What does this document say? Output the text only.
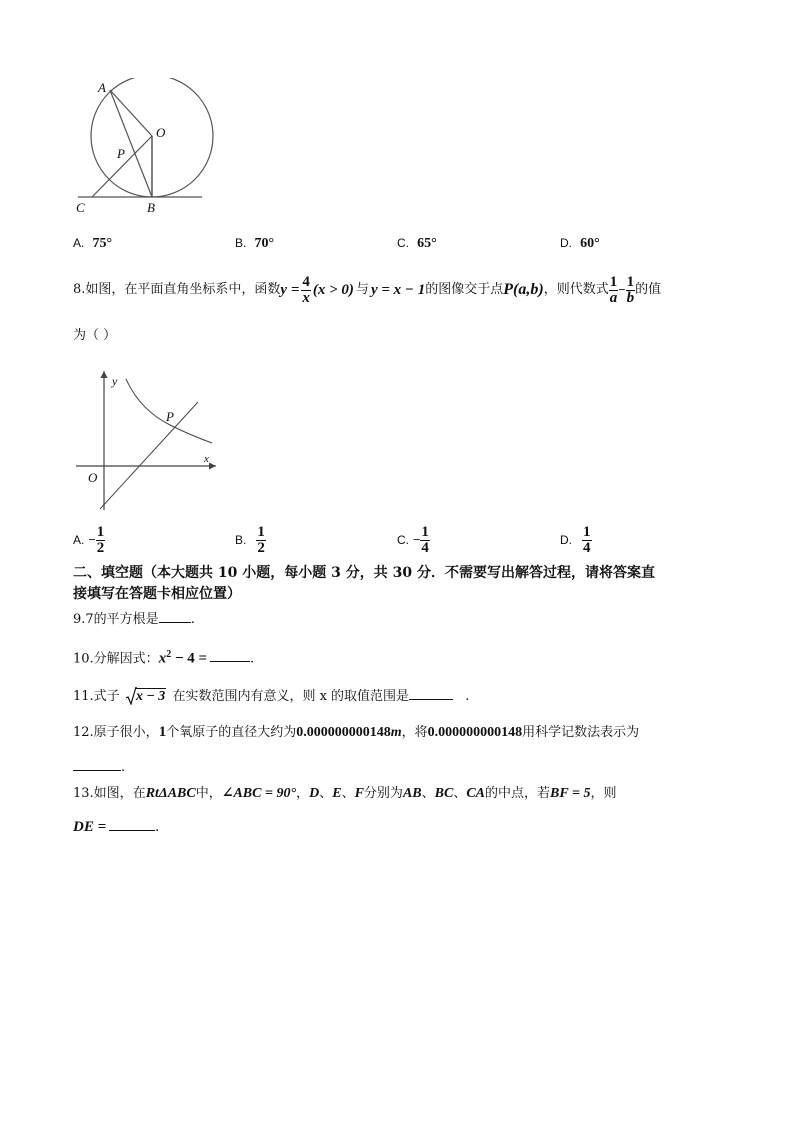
A
O
P
C	B
A. 75°	B. 70°	C. 65°	D. 60°
8.如图，在平面直角坐标系中，函数 $y = \frac{4}{x} (x > 0)$ 与 y = x − 1 的图像交于点 P(a,b) ，则代数式 $\frac{1}{a} - \frac{1}{b}$ 的值
为（ ）
y
x
O
P
A. − $\frac{1}{2}$	B. $\frac{1}{2}$	C. − $\frac{1}{4}$	D. $\frac{1}{4}$
二、填空题（本大题共 10 小题，每小题 3 分，共 30 分．不需要写出解答过程，请将答案直
接填写在答题卡相应位置）
9.7的平方根是 .
10.分解因式：$x^2 - 4$ =	.
11.式子 x − 3 在实数范围内有意义，则 x 的取值范围是	.
12.原子很小，1个氧原子的直径大约为0.000000000148m，将0.000000000148用科学记数法表示为
.
13.如图，在RtΔABC中，∠ABC = 90°，D、E、F分别为AB、BC、CA的中点，若BF = 5，则
DE =	.
